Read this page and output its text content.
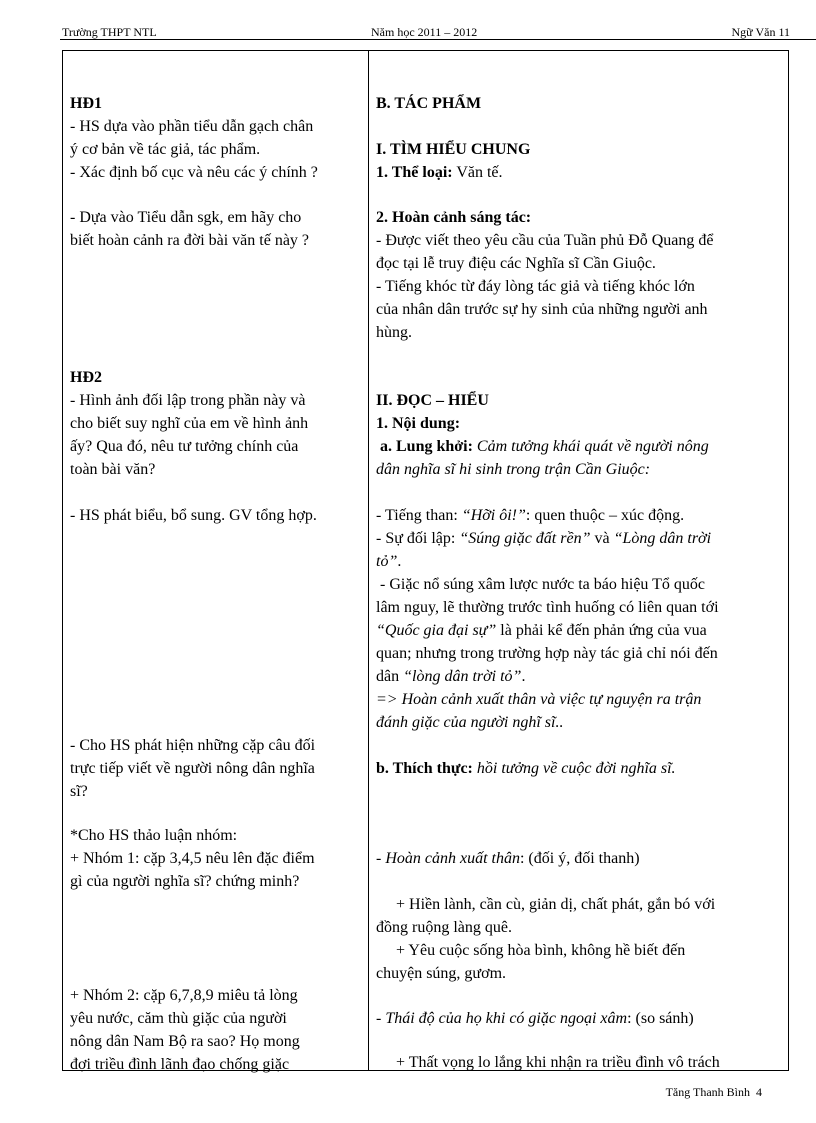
Trường THPT NTL	Năm học 2011 – 2012	Ngữ Văn 11

HĐ1

- HS dựa vào phần tiểu dẫn gạch chân

ý cơ bản về tác giả, tác phẩm.

- Xác định bố cục và nêu các ý chính ?

- Dựa vào Tiểu dẫn sgk, em hãy cho

biết hoàn cảnh ra đời bài văn tế này ?

HĐ2

- Hình ảnh đối lập trong phần này và

cho biết suy nghĩ của em về hình ảnh

ấy? Qua đó, nêu tư tưởng chính của

toàn bài văn?

- HS phát biểu, bổ sung. GV tổng hợp.

- Cho HS phát hiện những cặp câu đối

trực tiếp viết về người nông dân nghĩa

sĩ?

*Cho HS thảo luận nhóm:

+ Nhóm 1: cặp 3,4,5 nêu lên đặc điểm

gì của người nghĩa sĩ? chứng minh?

+ Nhóm 2: cặp 6,7,8,9 miêu tả lòng

yêu nước, căm thù giặc của người

nông dân Nam Bộ ra sao? Họ mong

đợi triều đình lãnh đạo chống giặc

B. TÁC PHẨM

I. TÌM HIỂU CHUNG

1. Thể loại: Văn tế.

2. Hoàn cảnh sáng tác:

- Được viết theo yêu cầu của Tuần phủ Đỗ Quang để

đọc tại lễ truy điệu các Nghĩa sĩ Cần Giuộc.

- Tiếng khóc từ đáy lòng tác giả và tiếng khóc lớn

của nhân dân trước sự hy sinh của những người anh

hùng.

II. ĐỌC – HIỂU

1. Nội dung:

a. Lung khởi: Cảm tưởng khái quát về người nông

dân nghĩa sĩ hi sinh trong trận Cần Giuộc:

- Tiếng than: “Hỡi ôi!”: quen thuộc – xúc động.

- Sự đối lập: “Súng giặc đất rền” và “Lòng dân trời

tỏ”.

- Giặc nổ súng xâm lược nước ta báo hiệu Tổ quốc

lâm nguy, lẽ thường trước tình huống có liên quan tới

“Quốc gia đại sự” là phải kể đến phản ứng của vua

quan; nhưng trong trường hợp này tác giả chỉ nói đến

dân “lòng dân trời tỏ”.

=> Hoàn cảnh xuất thân và việc tự nguyện ra trận

đánh giặc của người nghĩ sĩ..

b. Thích thực: hồi tưởng về cuộc đời nghĩa sĩ.

- Hoàn cảnh xuất thân: (đối ý, đối thanh)

+ Hiền lành, cần cù, giản dị, chất phát, gắn bó với

đồng ruộng làng quê.

+ Yêu cuộc sống hòa bình, không hề biết đến

chuyện súng, gươm.

- Thái độ của họ khi có giặc ngoại xâm: (so sánh)

+ Thất vọng lo lắng khi nhận ra triều đình vô trách

Tăng Thanh Bình 4
